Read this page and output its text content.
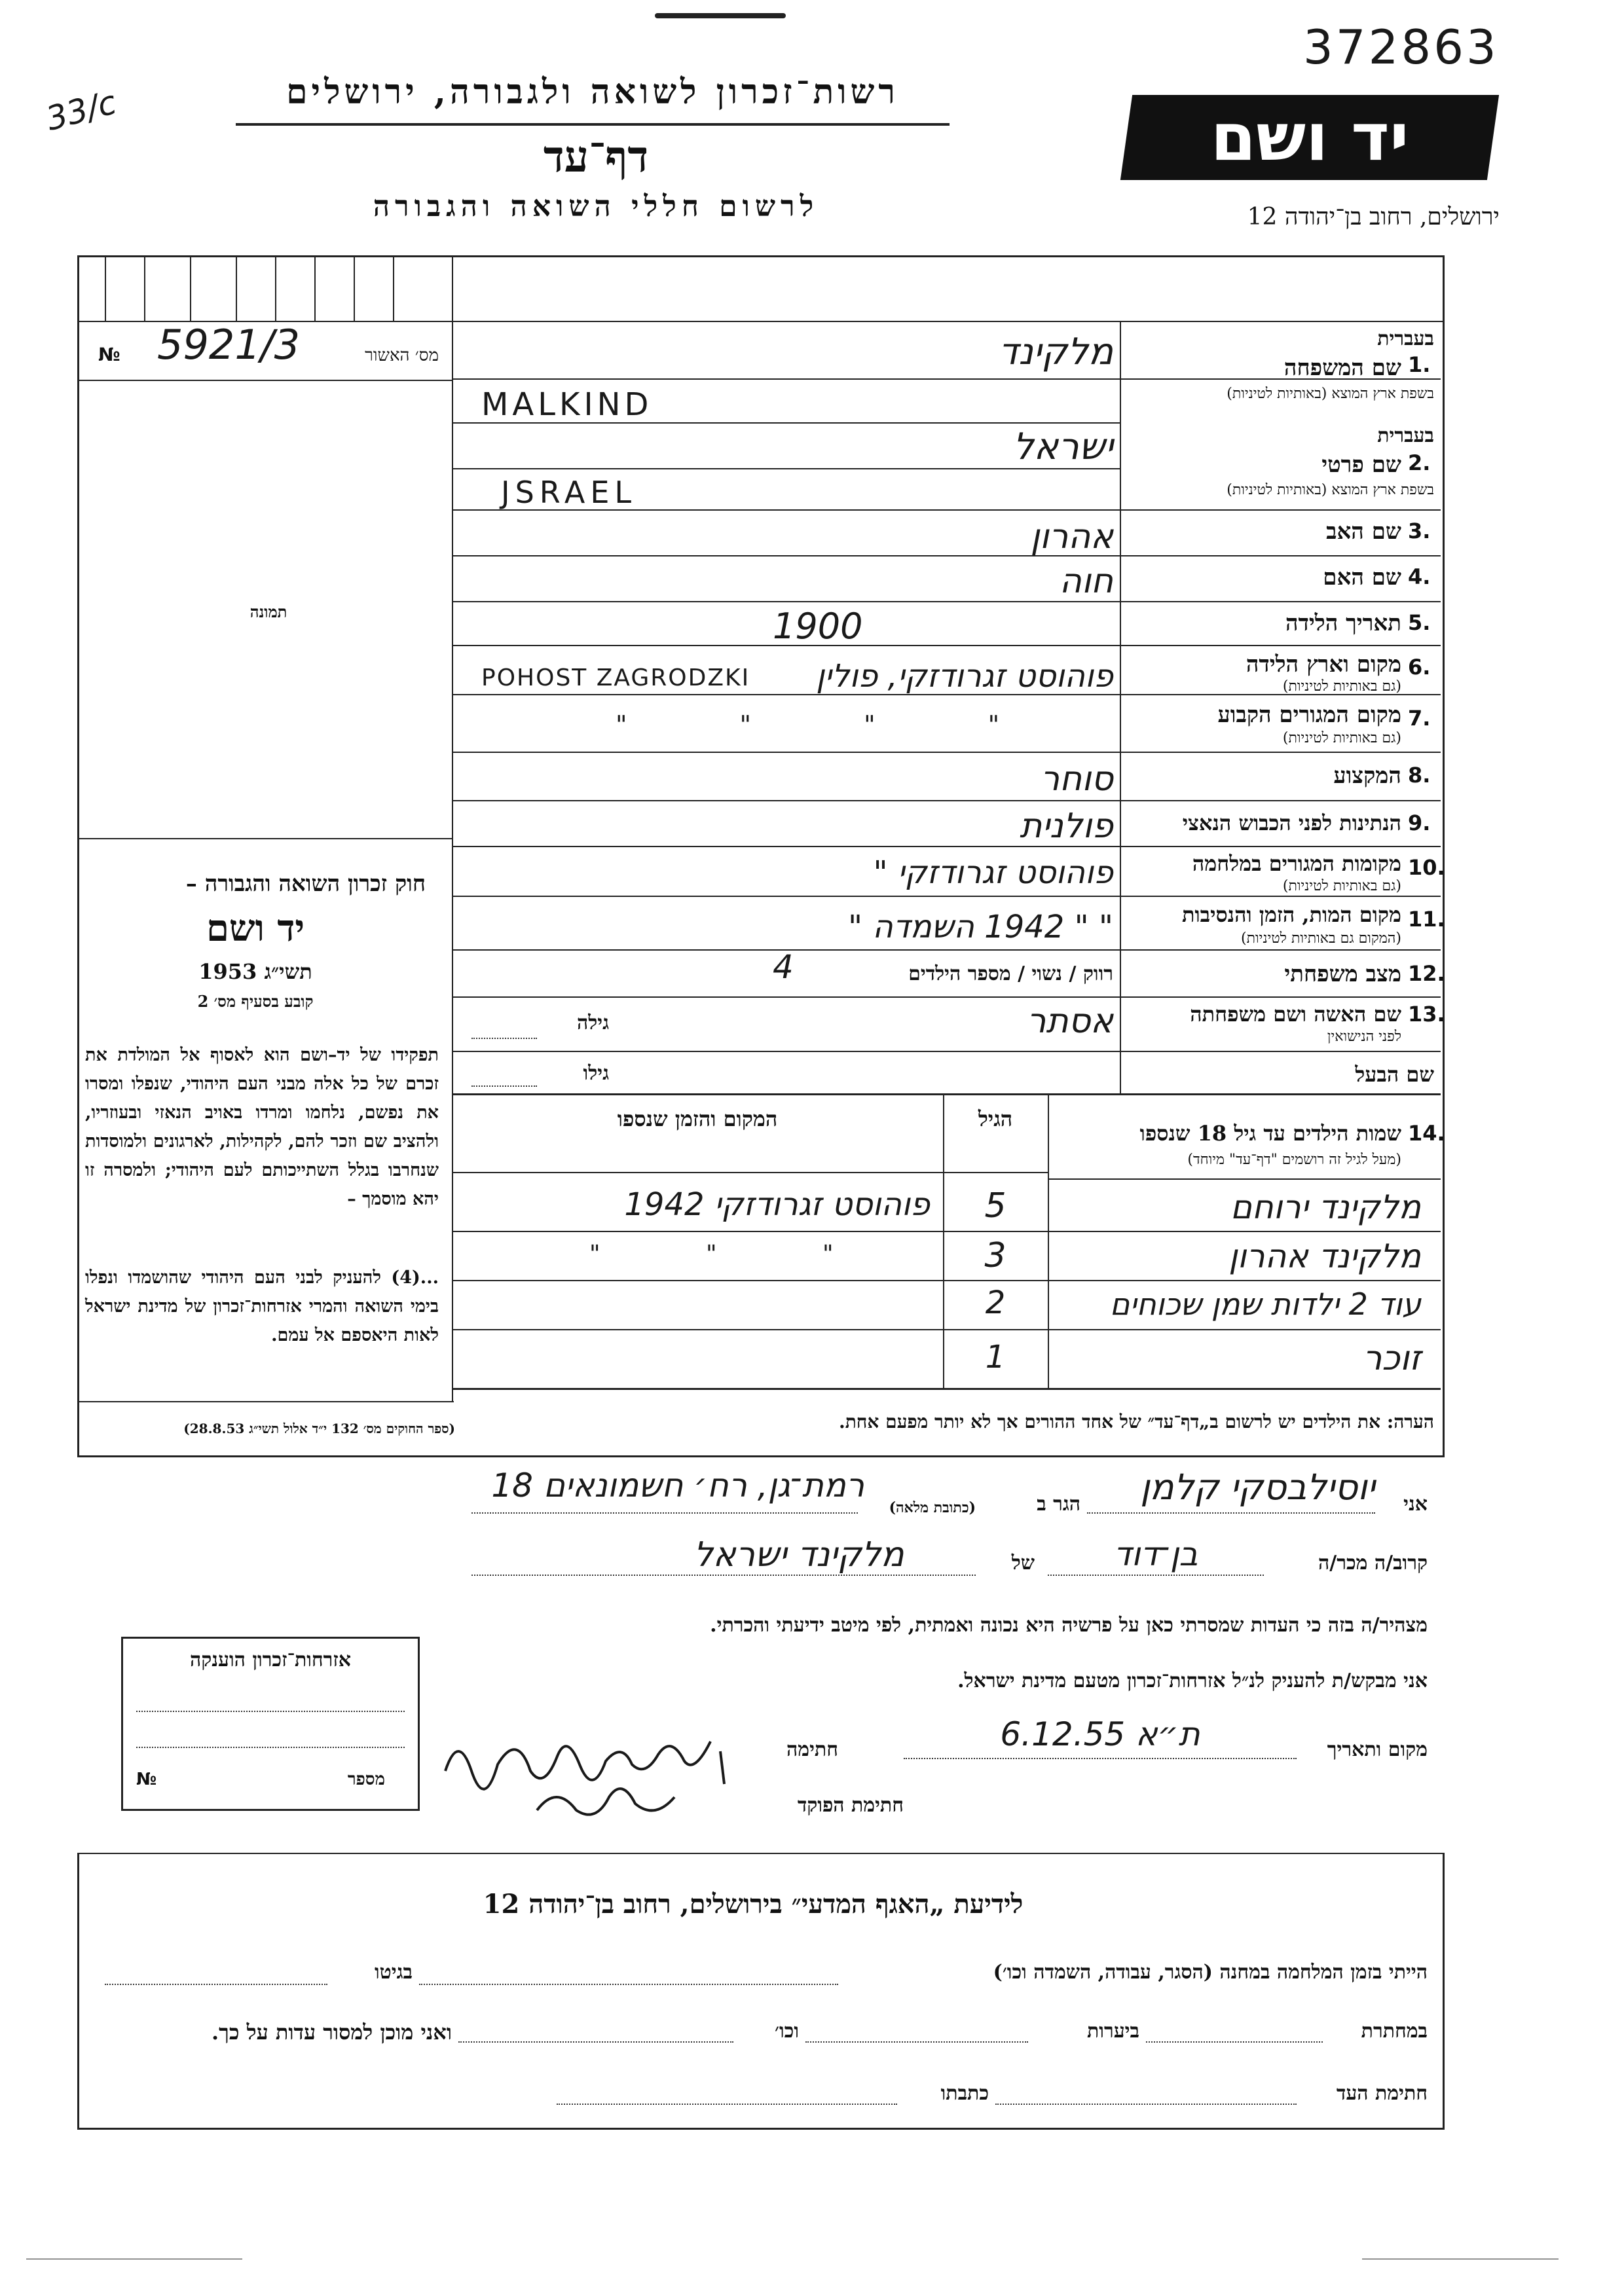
372863
33/c	רשות־זכרון לשואה ולגבורה, ירושלים
דף־עד
לרשום חללי השואה והגבורה
יד ושם
ירושלים, רחוב בן־יהודה 12
№ 5921/3	מס׳ האשור
תמונה
חוק זכרון השואה והגבורה –
יד ושם
תשי״ג 1953
קובע בסעיף מס׳ 2
תפקידו של יד–ושם הוא לאסוף אל המולדת את זכרם של כל אלה מבני העם היהודי, שנפלו ומסרו את נפשם, נלחמו ומרדו באויב הנאזי ובעוזריו, ולהציב שם וזכר להם, לקהילות, לארגונים ולמוסדות שנחרבו בגלל השתייכותם לעם היהודי; ולמסרה זו יהא מוסמך –
...(4) להעניק לבני העם היהודי שהושמדו ונפלו בימי השואה והמרי אזרחות־זכרון של מדינת ישראל לאות היאספם אל עמם.
(ספר החוקים מס׳ 132 י״ד אלול תשי״ג 28.8.53)
1.
בעברית
שם המשפחה
בשפת ארץ המוצא (באותיות לטיניות)
מלקינד
MALKIND
2.
בעברית
שם פרטי
בשפת ארץ המוצא (באותיות לטיניות)
ישראל
JSRAEL
3.
שם האב
אהרון
4.
שם האם
חוה
5.
תאריך הלידה
1900
6.
מקום וארץ הלידה
(גם באותיות לטיניות)
פוהוסט זגרודזקי, פולין
POHOST ZAGRODZKI
7.
מקום המגורים הקבוע
(גם באותיות לטיניות)
" " " "
8.
המקצוע
סוחר
9.
הנתינות לפני הכבוש הנאצי
פולנית
10.
מקומות המגורים במלחמה
(גם באותיות לטיניות)
פוהוסט זגרודזקי "
11.
מקום המות, הזמן והנסיבות
(המקום גם באותיות לטיניות)
" " 1942 השמדה "
12.
מצב משפחתי
רווק / נשוי / מספר הילדים
4
13.
שם האשה ושם משפחתה
לפני הנישואין
אסתר
גילה
שם הבעל
גילו
14.
שמות הילדים עד גיל 18 שנספו
(מעל לגיל זה רושמים "דף־עד" מיוחד)
הגיל
המקום והזמן שנספו
מלקינד ירוחם
5
פוהוסט זגרודזקי 1942
מלקינד אהרון
3
" " "
עוד 2 ילדות שמן שכוחים
2
זוכר
1
הערה: את הילדים יש לרשום ב„דף־עד״ של אחד ההורים אך לא יותר מפעם אחת.
אני
יוסילבסקי קלמן
הגר ב
(כתובת מלאה)
רמת־גן, רח׳ חשמונאים 18
קרוב/ה מכר/ה
בן־דוד
של
מלקינד ישראל
מצהיר/ה בזה כי העדות שמסרתי כאן על פרשיה היא נכונה ואמתית, לפי מיטב ידיעתי והכרתי.
אני מבקש/ת להעניק לנ״ל אזרחות־זכרון מטעם מדינת ישראל.
מקום ותאריך
ת״א 6.12.55
חתימה
חתימת הפוקד
אזרחות־זכרון הוענקה
מספר
№
לידיעת „האגף המדעי״ בירושלים, רחוב בן־יהודה 12
הייתי בזמן המלחמה במחנה (הסגר, עבודה, השמדה וכו׳)
בגיטו
במחתרת
ביערות
וכו׳
ואני מוכן למסור עדות על כך.
חתימת העד
כתבתו
